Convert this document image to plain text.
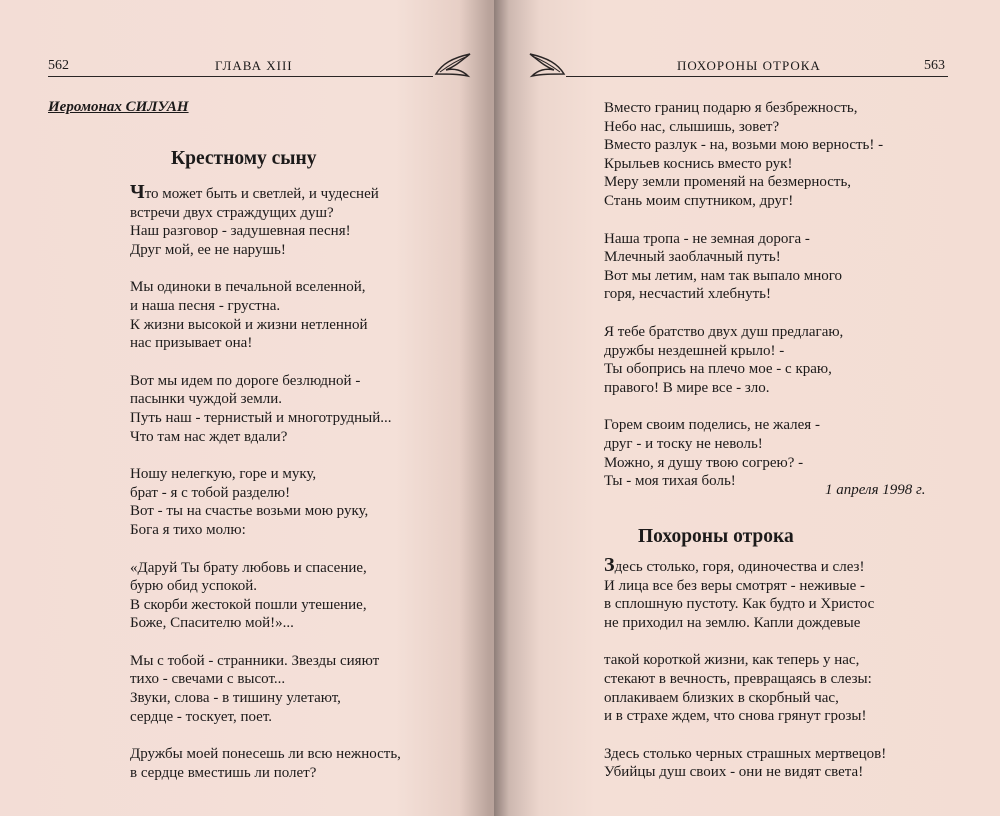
562	ГЛАВА XIII
Иеромонах СИЛУАН
Крестному сыну
Что может быть и светлей, и чудесней
встречи двух страждущих душ?
Наш разговор - задушевная песня!
Друг мой, ее не нарушь!
Мы одиноки в печальной вселенной,
и наша песня - грустна.
К жизни высокой и жизни нетленной
нас призывает она!
Вот мы идем по дороге безлюдной -
пасынки чуждой земли.
Путь наш - тернистый и многотрудный...
Что там нас ждет вдали?
Ношу нелегкую, горе и муку,
брат - я с тобой разделю!
Вот - ты на счастье возьми мою руку,
Бога я тихо молю:
«Даруй Ты брату любовь и спасение,
бурю обид успокой.
В скорби жестокой пошли утешение,
Боже, Спасителю мой!»...
Мы с тобой - странники. Звезды сияют
тихо - свечами с высот...
Звуки, слова - в тишину улетают,
сердце - тоскует, поет.
Дружбы моей понесешь ли всю нежность,
в сердце вместишь ли полет?
ПОХОРОНЫ ОТРОКА	563
Вместо границ подарю я безбрежность,
Небо нас, слышишь, зовет?
Вместо разлук - на, возьми мою верность! -
Крыльев коснись вместо рук!
Меру земли променяй на безмерность,
Стань моим спутником, друг!
Наша тропа - не земная дорога -
Млечный заоблачный путь!
Вот мы летим, нам так выпало много
горя, несчастий хлебнуть!
Я тебе братство двух душ предлагаю,
дружбы нездешней крыло! -
Ты обопрись на плечо мое - с краю,
правого! В мире все - зло.
Горем своим поделись, не жалея -
друг - и тоску не неволь!
Можно, я душу твою согрею? -
Ты - моя тихая боль!
1 апреля 1998 г.
Похороны отрока
Здесь столько, горя, одиночества и слез!
И лица все без веры смотрят - неживые -
в сплошную пустоту. Как будто и Христос
не приходил на землю. Капли дождевые
такой короткой жизни, как теперь у нас,
стекают в вечность, превращаясь в слезы:
оплакиваем близких в скорбный час,
и в страхе ждем, что снова грянут грозы!
Здесь столько черных страшных мертвецов!
Убийцы душ своих - они не видят света!
